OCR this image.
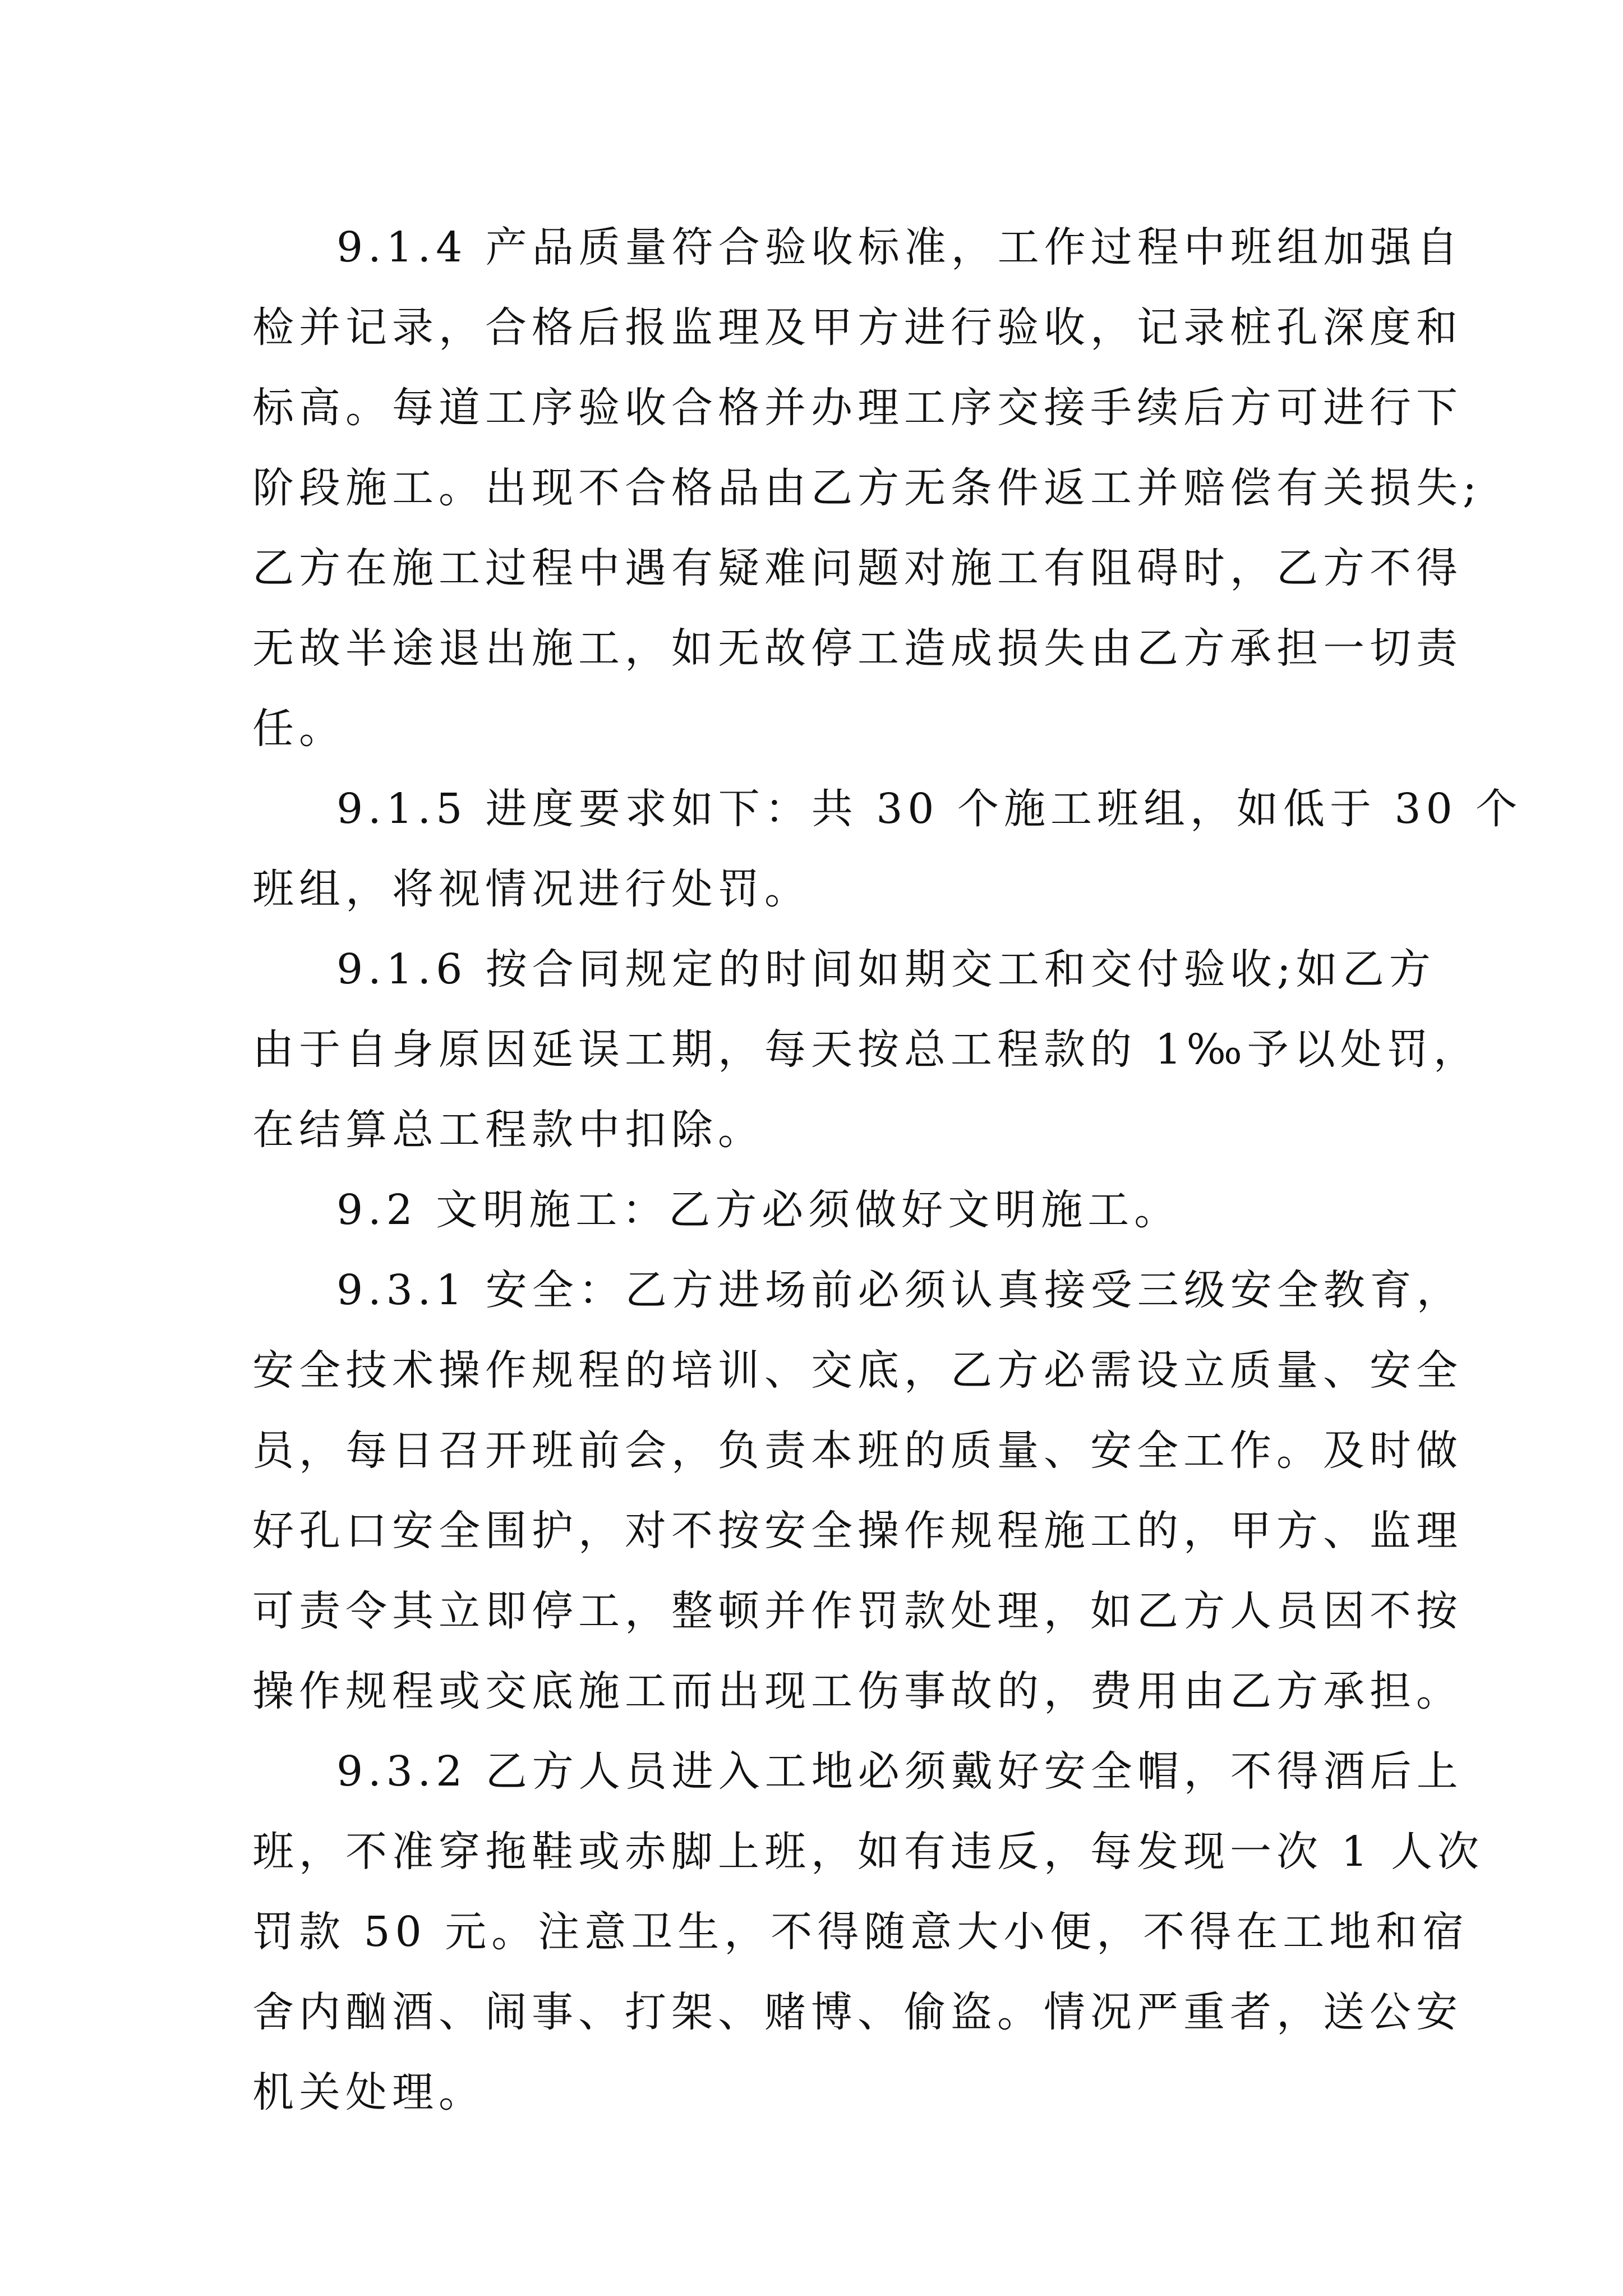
9.1.4 产品质量符合验收标准，工作过程中班组加强自
检并记录，合格后报监理及甲方进行验收，记录桩孔深度和
标高。每道工序验收合格并办理工序交接手续后方可进行下
阶段施工。出现不合格品由乙方无条件返工并赔偿有关损失;
乙方在施工过程中遇有疑难问题对施工有阻碍时，乙方不得
无故半途退出施工，如无故停工造成损失由乙方承担一切责
任。

9.1.5 进度要求如下：共 30 个施工班组，如低于 30 个
班组，将视情况进行处罚。

9.1.6 按合同规定的时间如期交工和交付验收;如乙方
由于自身原因延误工期，每天按总工程款的 1‰予以处罚，
在结算总工程款中扣除。

9.2 文明施工：乙方必须做好文明施工。

9.3.1 安全：乙方进场前必须认真接受三级安全教育，
安全技术操作规程的培训、交底，乙方必需设立质量、安全
员，每日召开班前会，负责本班的质量、安全工作。及时做
好孔口安全围护，对不按安全操作规程施工的，甲方、监理
可责令其立即停工，整顿并作罚款处理，如乙方人员因不按
操作规程或交底施工而出现工伤事故的，费用由乙方承担。

9.3.2 乙方人员进入工地必须戴好安全帽，不得酒后上
班，不准穿拖鞋或赤脚上班，如有违反，每发现一次 1 人次
罚款 50 元。注意卫生，不得随意大小便，不得在工地和宿
舍内酗酒、闹事、打架、赌博、偷盗。情况严重者，送公安
机关处理。
